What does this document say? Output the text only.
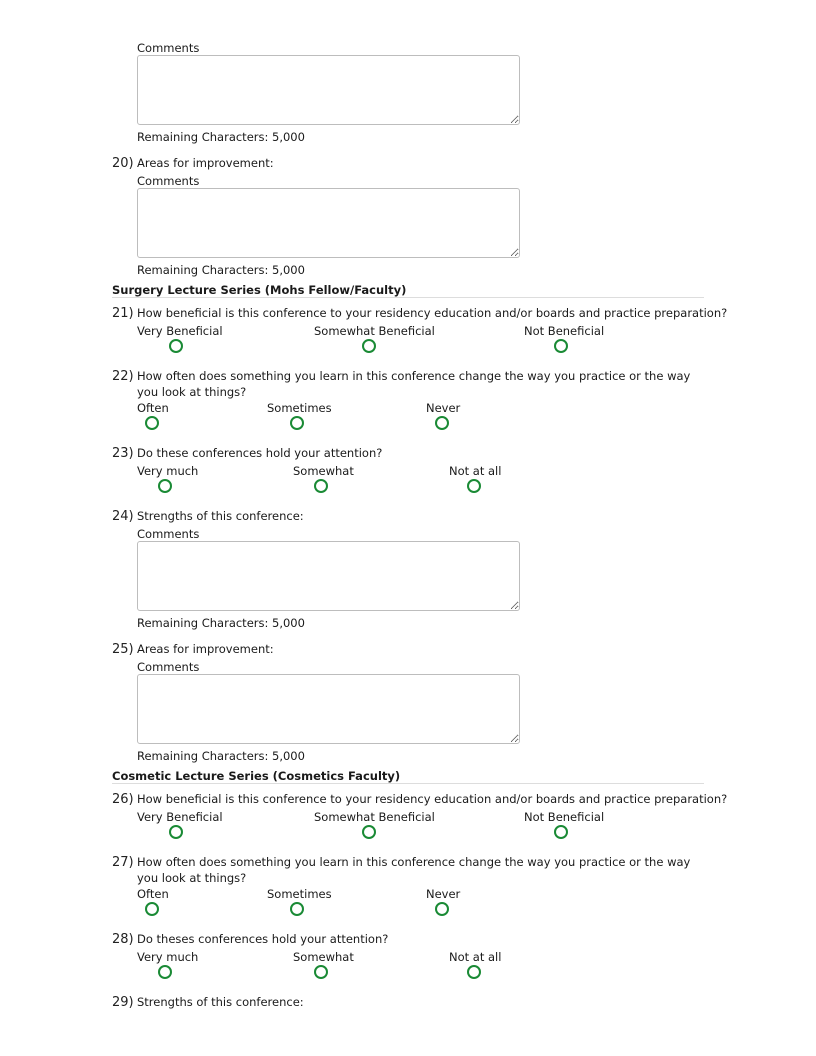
Comments
Remaining Characters: 5,000
20) Areas for improvement:
Comments
Remaining Characters: 5,000
Surgery Lecture Series (Mohs Fellow/Faculty)
21) How beneficial is this conference to your residency education and/or boards and practice preparation?
Very Beneficial	Somewhat Beneficial	Not Beneficial
22) How often does something you learn in this conference change the way you practice or the way you look at things?
Often	Sometimes	Never
23) Do these conferences hold your attention?
Very much	Somewhat	Not at all
24) Strengths of this conference:
Comments
Remaining Characters: 5,000
25) Areas for improvement:
Comments
Remaining Characters: 5,000
Cosmetic Lecture Series (Cosmetics Faculty)
26) How beneficial is this conference to your residency education and/or boards and practice preparation?
Very Beneficial	Somewhat Beneficial	Not Beneficial
27) How often does something you learn in this conference change the way you practice or the way you look at things?
Often	Sometimes	Never
28) Do theses conferences hold your attention?
Very much	Somewhat	Not at all
29) Strengths of this conference:
